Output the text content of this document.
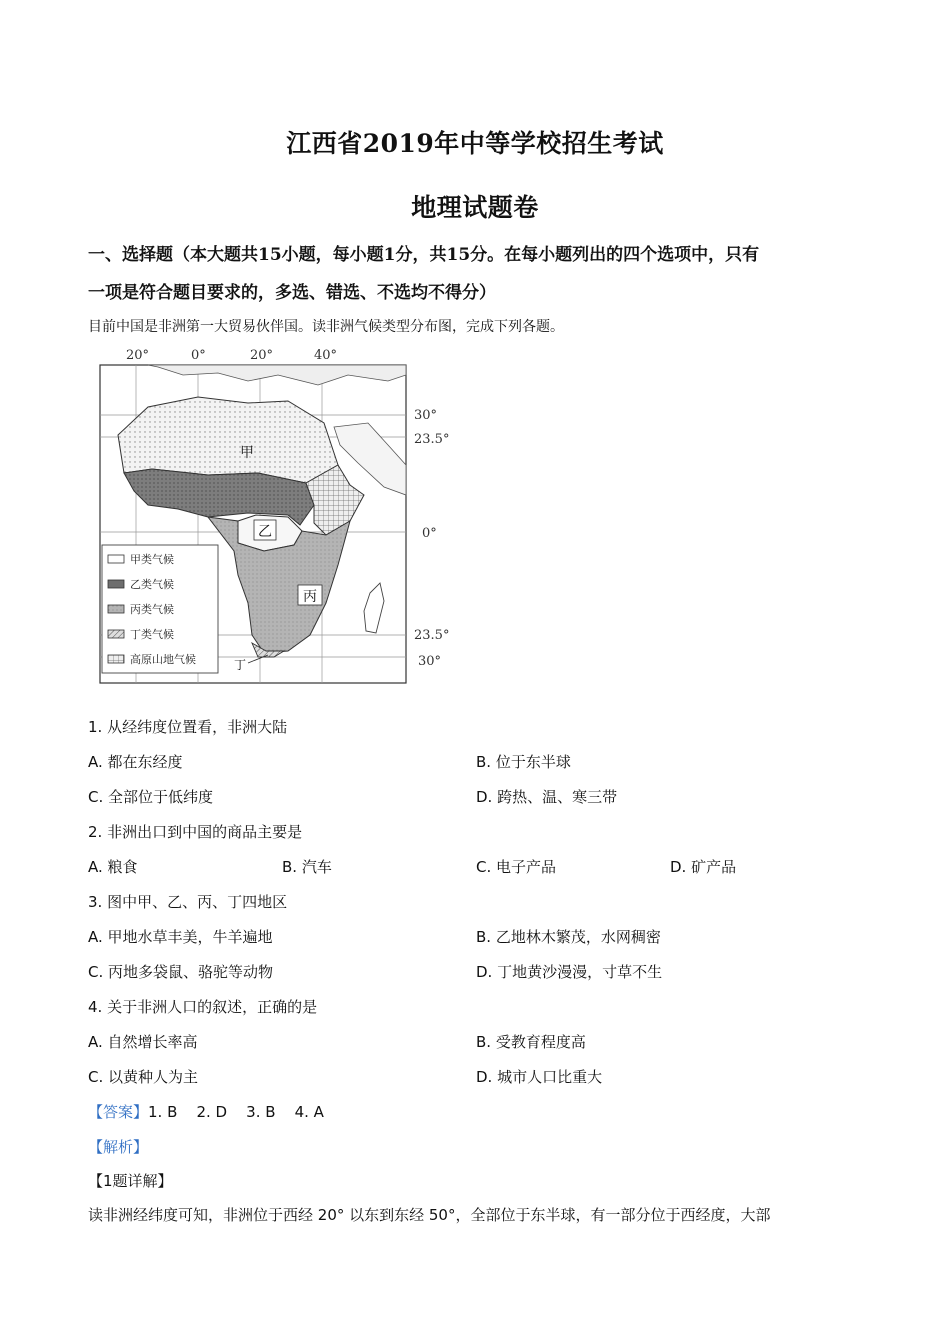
江西省2019年中等学校招生考试
地理试题卷
一、选择题（本大题共15小题，每小题1分，共15分。在每小题列出的四个选项中，只有
一项是符合题目要求的，多选、错选、不选均不得分）
目前中国是非洲第一大贸易伙伴国。读非洲气候类型分布图，完成下列各题。
甲
乙
丙
丁
20°	0°	20°	40°
30°
23.5°
0°
23.5°
30°
甲类气候
乙类气候
丙类气候
丁类气候
高原山地气候
1. 从经纬度位置看，非洲大陆
A. 都在东经度	B. 位于东半球
C. 全部位于低纬度	D. 跨热、温、寒三带
2. 非洲出口到中国的商品主要是
A. 粮食	B. 汽车	C. 电子产品	D. 矿产品
3. 图中甲、乙、丙、丁四地区
A. 甲地水草丰美，牛羊遍地	B. 乙地林木繁茂，水网稠密
C. 丙地多袋鼠、骆驼等动物	D. 丁地黄沙漫漫，寸草不生
4. 关于非洲人口的叙述，正确的是
A. 自然增长率高	B. 受教育程度高
C. 以黄种人为主	D. 城市人口比重大
【答案】1. B    2. D    3. B    4. A
【解析】
【1题详解】
读非洲经纬度可知，非洲位于西经 20° 以东到东经 50°，全部位于东半球，有一部分位于西经度，大部
